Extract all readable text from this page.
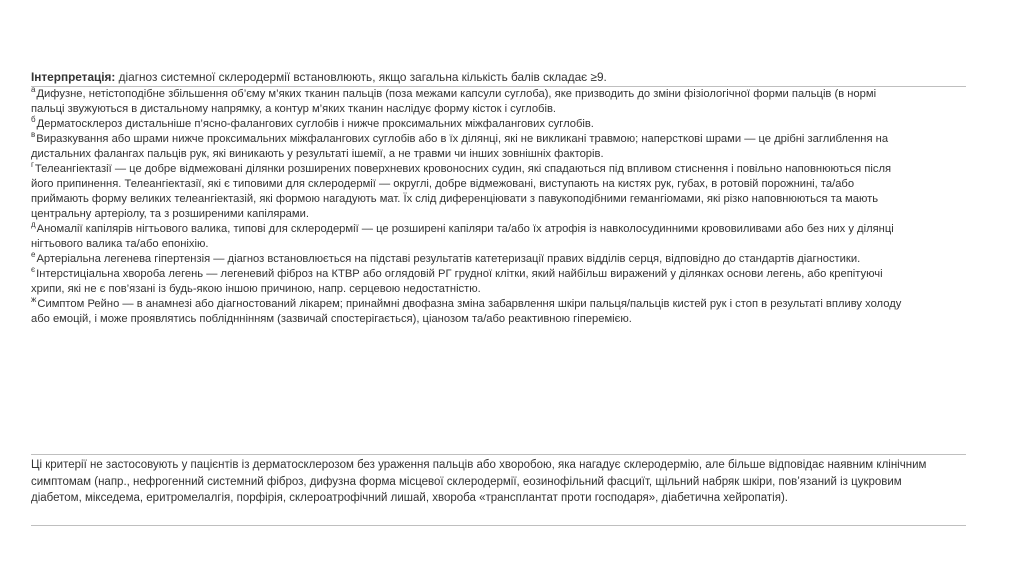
Інтерпретація: діагноз системної склеродермії встановлюють, якщо загальна кількість балів складає ≥9.
$^а$Дифузне, нетістоподібне збільшення об’єму м’яких тканин пальців (поза межами капсули суглоба), яке призводить до зміни фізіологічної форми пальців (в нормі
пальці звужуються в дистальному напрямку, а контур м’яких тканин наслідує форму кісток і суглобів.
$^б$Дерматосклероз дистальніше п’ясно-фалангових суглобів і нижче проксимальних міжфалангових суглобів.
$^в$Виразкування або шрами нижче проксимальних міжфалангових суглобів або в їх ділянці, які не викликані травмою; наперсткові шрами — це дрібні заглиблення на
дистальних фалангах пальців рук, які виникають у результаті ішемії, а не травми чи інших зовнішніх факторів.
$^г$Телеангіектазії — це добре відмежовані ділянки розширених поверхневих кровоносних судин, які спадаються під впливом стиснення і повільно наповнюються після
його припинення. Телеангіектазії, які є типовими для склеродермії — округлі, добре відмежовані, виступають на кистях рук, губах, в ротовій порожнині, та/або
приймають форму великих телеангіектазій, які формою нагадують мат. Їх слід диференціювати з павукоподібними гемангіомами, які різко наповнюються та мають
центральну артеріолу, та з розширеними капілярами.
$^д$Аномалії капілярів нігтьового валика, типові для склеродермії — це розширені капіляри та/або їх атрофія із навколосудинними крововиливами або без них у ділянці
нігтьового валика та/або епоніхію.
$^е$Артеріальна легенева гіпертензія — діагноз встановлюється на підставі результатів катетеризації правих відділів серця, відповідно до стандартів діагностики.
$^є$Інтерстиціальна хвороба легень — легеневий фіброз на КТВР або оглядовій РГ грудної клітки, який найбільш виражений у ділянках основи легень, або крепітуючі
хрипи, які не є пов’язані із будь-якою іншою причиною, напр. серцевою недостатністю.
$^ж$Симптом Рейно — в анамнезі або діагностований лікарем; принаймні двофазна зміна забарвлення шкіри пальця/пальців кистей рук і стоп в результаті впливу холоду
або емоцій, і може проявлятись поблідннінням (зазвичай спостерігається), ціанозом та/або реактивною гіперемією.
Ці критерії не застосовують у пацієнтів із дерматосклерозом без ураження пальців або хворобою, яка нагадує склеродермію, але більше відповідає наявним клінічним
симптомам (напр., нефрогенний системний фіброз, дифузна форма місцевої склеродермії, еозинофільний фасциїт, щільний набряк шкіри, пов’язаний із цукровим
діабетом, мікседема, еритромелалгія, порфірія, склероатрофічний лишай, хвороба «трансплантат проти господаря», діабетична хейропатія).
